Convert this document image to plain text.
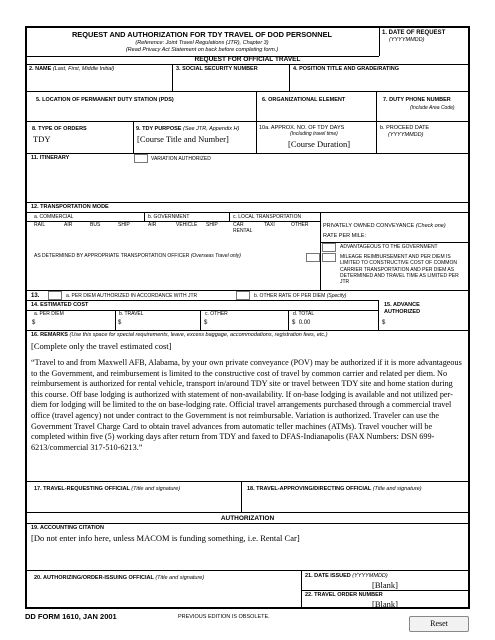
REQUEST AND AUTHORIZATION FOR TDY TRAVEL OF DOD PERSONNEL
(Reference: Joint Travel Regulations (JTR), Chapter 3)
(Read Privacy Act Statement on back before completing form.)
1. DATE OF REQUEST
(YYYYMMDD)
REQUEST FOR OFFICIAL TRAVEL
2. NAME (Last, First, Middle Initial)	3. SOCIAL SECURITY NUMBER	4. POSITION TITLE AND GRADE/RATING
5. LOCATION OF PERMANENT DUTY STATION (PDS)	6. ORGANIZATIONAL ELEMENT	7. DUTY PHONE NUMBER
(Include Area Code)
8. TYPE OF ORDERS
TDY
9. TDY PURPOSE (See JTR, Appendix H)
[Course Title and Number]
10a. APPROX. NO. OF TDY DAYS
(Including travel time)
[Course Duration]
b. PROCEED DATE
(YYYYMMDD)
11. ITINERARY	VARIATION AUTHORIZED
12. TRANSPORTATION MODE
a. COMMERCIAL	b. GOVERNMENT	c. LOCAL TRANSPORTATION
RAIL	AIR	BUS	SHIP	AIR	VEHICLE SHIP	CAR RENTAL
TAXI	OTHER	PRIVATELY OWNED CONVEYANCE (Check one)
RATE PER MILE:
ADVANTAGEOUS TO THE GOVERNMENT
MILEAGE REIMBURSEMENT AND PER DIEM IS LIMITED TO CONSTRUCTIVE COST OF COMMON CARRIER TRANSPORTATION AND PER DIEM AS DETERMINED AND TRAVEL TIME AS LIMITED PER JTR
AS DETERMINED BY APPROPRIATE TRANSPORTATION OFFICER (Overseas Travel only)
13.	a. PER DIEM AUTHORIZED IN ACCORDANCE WITH JTR	b. OTHER RATE OF PER DIEM (Specify)
14. ESTIMATED COST
a. PER DIEM
$
b. TRAVEL
$
c. OTHER
$
d. TOTAL
$ 0.00
15. ADVANCE AUTHORIZED
$
16. REMARKS (Use this space for special requirements, leave, excess baggage, accommodations, registration fees, etc.)
[Complete only the travel estimated cost]
“Travel to and from Maxwell AFB, Alabama, by your own private conveyance (POV) may be authorized if it is more advantageous to the Government, and reimbursement is limited to the constructive cost of travel by common carrier and related per diem. No reimbursement is authorized for rental vehicle, transport in/around TDY site or travel between TDY site and home station during this course. Off base lodging is authorized with statement of non-availability. If on-base lodging is available and not utilized per-diem for lodging will be limited to the on base-lodging rate. Official travel arrangements purchased through a commercial travel office (travel agency) not under contract to the Government is not reimbursable. Variation is authorized. Traveler can use the Government Travel Charge Card to obtain travel advances from automatic teller machines (ATMs). Travel voucher will be completed within five (5) working days after return from TDY and faxed to DFAS-Indianapolis (FAX Numbers: DSN 699-6213/commercial 317-510-6213.”
17. TRAVEL-REQUESTING OFFICIAL (Title and signature)	18. TRAVEL-APPROVING/DIRECTING OFFICIAL (Title and signature)
AUTHORIZATION
19. ACCOUNTING CITATION
[Do not enter info here, unless MACOM is funding something, i.e. Rental Car]
20. AUTHORIZING/ORDER-ISSUING OFFICIAL (Title and signature)	21. DATE ISSUED (YYYYMMDD)
[Blank]
22. TRAVEL ORDER NUMBER
[Blank]
DD FORM 1610, JAN 2001	PREVIOUS EDITION IS OBSOLETE.
Reset
